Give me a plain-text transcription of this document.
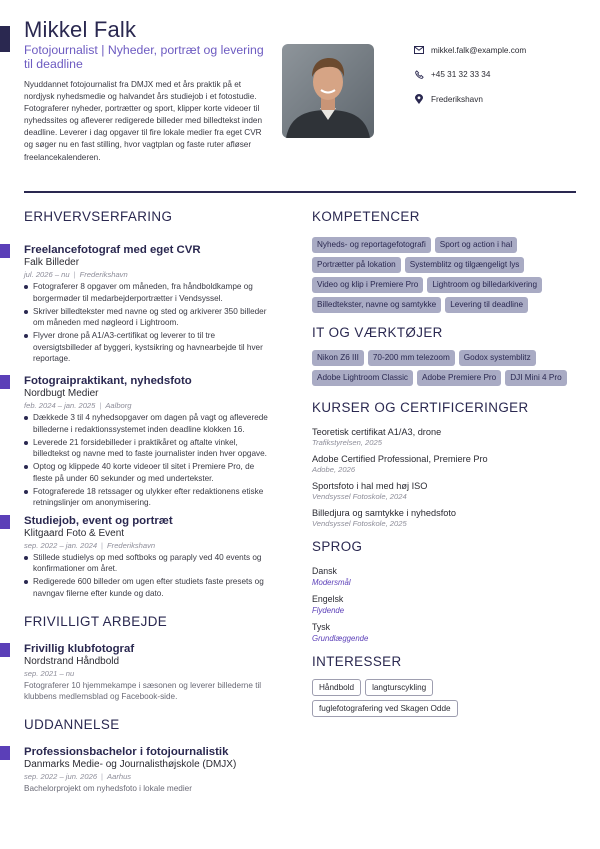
Mikkel Falk
Fotojournalist | Nyheder, portræt og levering til deadline
Nyuddannet fotojournalist fra DMJX med et års praktik på et nordjysk nyhedsmedie og halvandet års studiejob i et fotostudie. Fotograferer nyheder, portrætter og sport, klipper korte videoer til nyhedssites og afleverer redigerede billeder med billedtekst inden deadline. Leverer i dag opgaver til fire lokale medier fra eget CVR og søger nu en fast stilling, hvor vagtplan og faste ruter afløser freelancekalenderen.
mikkel.falk@example.com
+45 31 32 33 34
Frederikshavn
ERHVERVSERFARING
Freelancefotograf med eget CVR
Falk Billeder
jul. 2026 – nu | Frederikshavn
Fotograferer 8 opgaver om måneden, fra håndboldkampe og borgermøder til medarbejderportrætter i Vendsyssel.
Skriver billedtekster med navne og sted og arkiverer 350 billeder om måneden med nøgleord i Lightroom.
Flyver drone på A1/A3-certifikat og leverer to til tre oversigtsbilleder af byggeri, kystsikring og havnearbejde til hver reportage.
Fotograipraktikant, nyhedsfoto
Nordbugt Medier
feb. 2024 – jan. 2025 | Aalborg
Dækkede 3 til 4 nyhedsopgaver om dagen på vagt og afleverede billederne i redaktionssystemet inden deadline klokken 16.
Leverede 21 forsidebilleder i praktikåret og aftalte vinkel, billedtekst og navne med to faste journalister inden hver opgave.
Optog og klippede 40 korte videoer til sitet i Premiere Pro, de fleste på under 60 sekunder og med undertekster.
Fotograferede 18 retssager og ulykker efter redaktionens etiske retningslinjer om anonymisering.
Studiejob, event og portræt
Klitgaard Foto & Event
sep. 2022 – jan. 2024 | Frederikshavn
Stillede studielys op med softboks og paraply ved 40 events og konfirmationer om året.
Redigerede 600 billeder om ugen efter studiets faste presets og navngav filerne efter kunde og dato.
FRIVILLIGT ARBEJDE
Frivillig klubfotograf
Nordstrand Håndbold
sep. 2021 – nu
Fotograferer 10 hjemmekampe i sæsonen og leverer billederne til klubbens medlemsblad og Facebook-side.
UDDANNELSE
Professionsbachelor i fotojournalistik
Danmarks Medie- og Journalisthøjskole (DMJX)
sep. 2022 – jun. 2026 | Aarhus
Bachelorprojekt om nyhedsfoto i lokale medier
KOMPETENCER
Nyheds- og reportagefotografi	Sport og action i hal
Portrætter på lokation	Systemblitz og tilgængeligt lys
Video og klip i Premiere Pro	Lightroom og billedarkivering
Billedtekster, navne og samtykke	Levering til deadline
IT OG VÆRKTØJER
Nikon Z6 III	70-200 mm telezoom	Godox systemblitz
Adobe Lightroom Classic	Adobe Premiere Pro	DJI Mini 4 Pro
KURSER OG CERTIFICERINGER
Teoretisk certifikat A1/A3, drone
Trafikstyrelsen, 2025
Adobe Certified Professional, Premiere Pro
Adobe, 2026
Sportsfoto i hal med høj ISO
Vendsyssel Fotoskole, 2024
Billedjura og samtykke i nyhedsfoto
Vendsyssel Fotoskole, 2025
SPROG
Dansk
Modersmål
Engelsk
Flydende
Tysk
Grundlæggende
INTERESSER
Håndbold	langturscykling
fuglefotografering ved Skagen Odde
